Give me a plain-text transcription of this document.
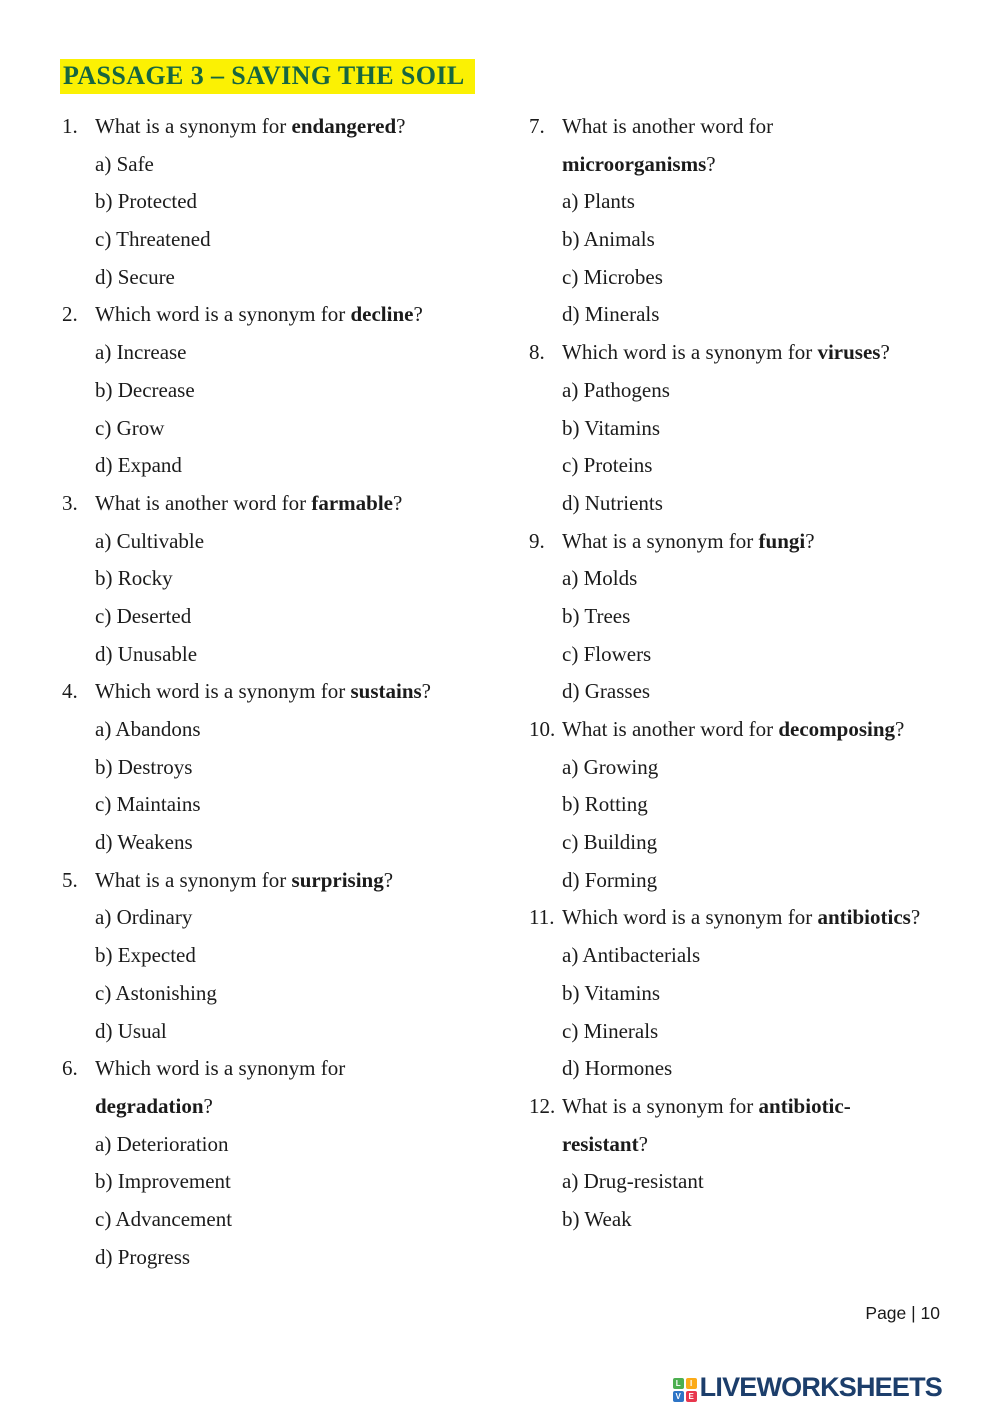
PASSAGE 3 – SAVING THE SOIL
1. What is a synonym for endangered?
a) Safe
b) Protected
c) Threatened
d) Secure
2. Which word is a synonym for decline?
a) Increase
b) Decrease
c) Grow
d) Expand
3. What is another word for farmable?
a) Cultivable
b) Rocky
c) Deserted
d) Unusable
4. Which word is a synonym for sustains?
a) Abandons
b) Destroys
c) Maintains
d) Weakens
5. What is a synonym for surprising?
a) Ordinary
b) Expected
c) Astonishing
d) Usual
6. Which word is a synonym for
degradation?
a) Deterioration
b) Improvement
c) Advancement
d) Progress
7. What is another word for
microorganisms?
a) Plants
b) Animals
c) Microbes
d) Minerals
8. Which word is a synonym for viruses?
a) Pathogens
b) Vitamins
c) Proteins
d) Nutrients
9. What is a synonym for fungi?
a) Molds
b) Trees
c) Flowers
d) Grasses
10. What is another word for decomposing?
a) Growing
b) Rotting
c) Building
d) Forming
11. Which word is a synonym for antibiotics?
a) Antibacterials
b) Vitamins
c) Minerals
d) Hormones
12. What is a synonym for antibiotic-
resistant?
a) Drug-resistant
b) Weak
Page | 10
L	I
V E LIVEWORKSHEETS
